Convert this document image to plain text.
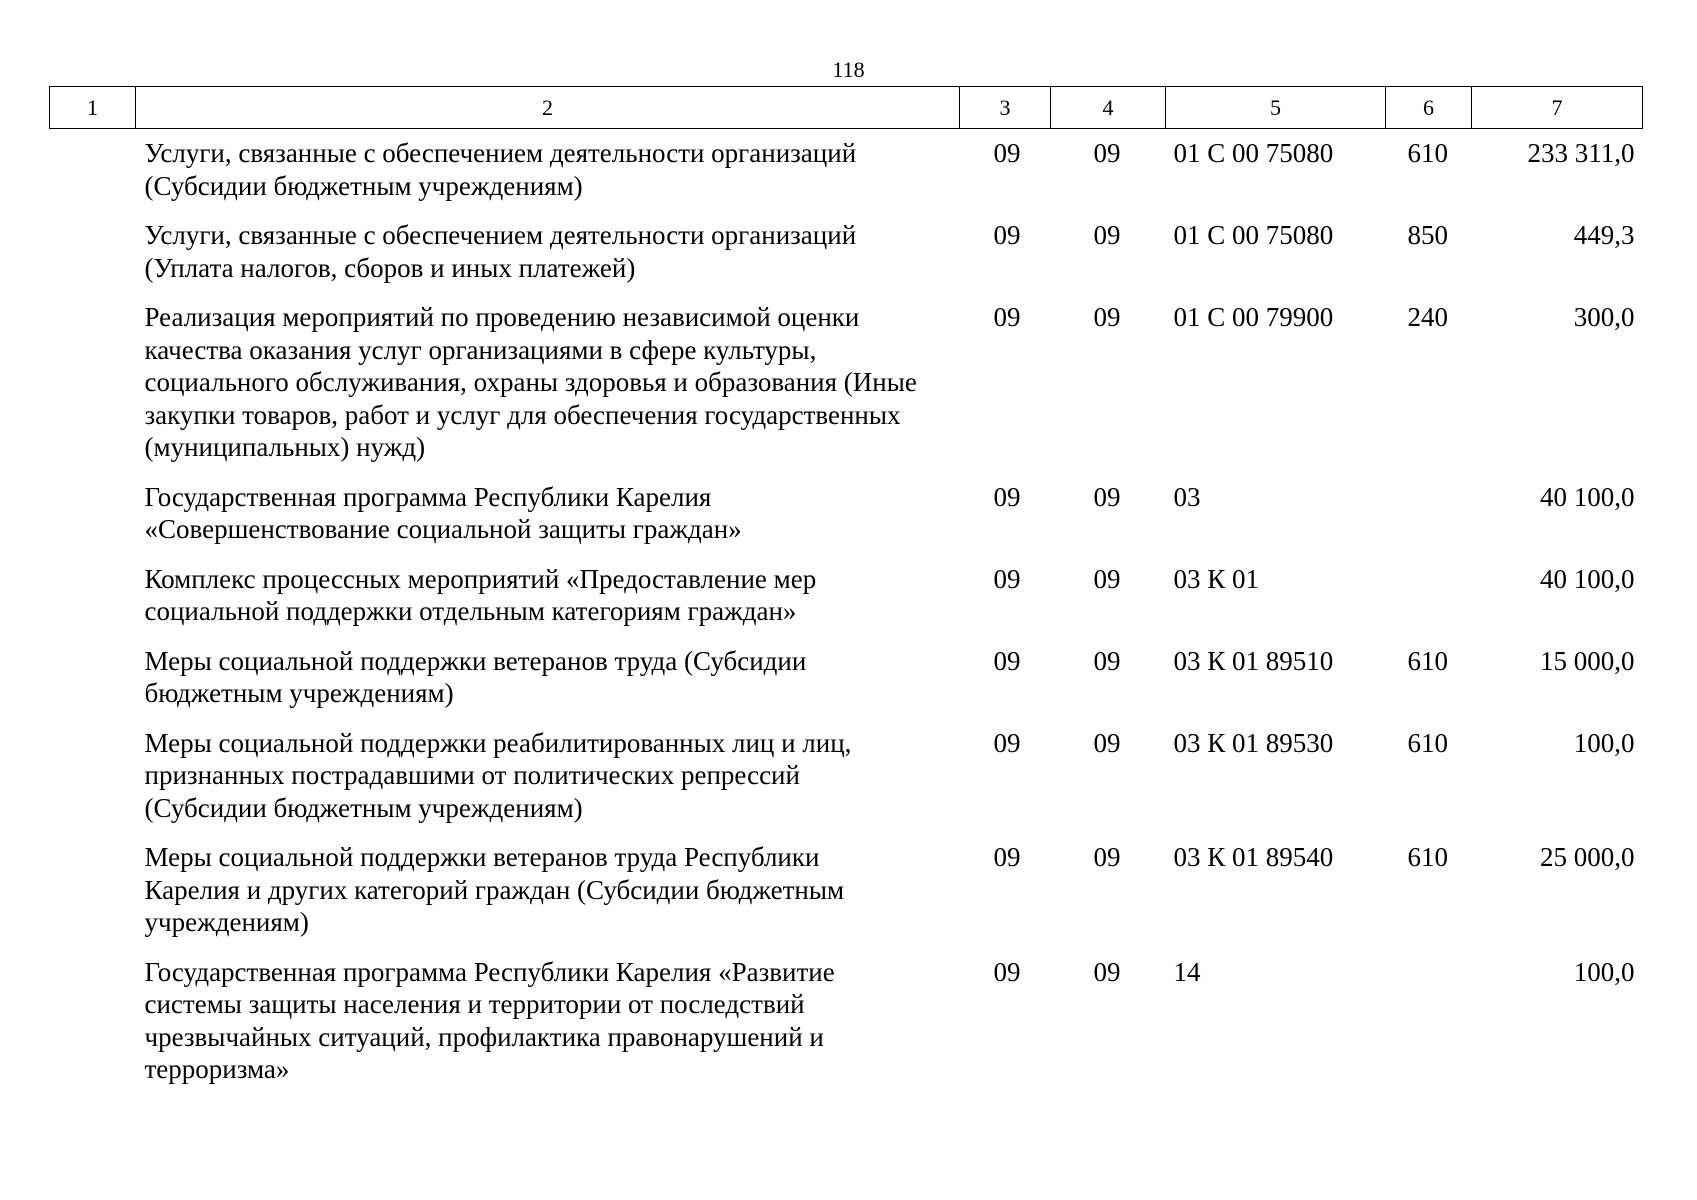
118
1	2	3	4	5	6	7
	Услуги, связанные с обеспечением деятельности организаций (Субсидии бюджетным учреждениям)	09	09	01 С 00 75080	610	233 311,0
	Услуги, связанные с обеспечением деятельности организаций (Уплата налогов, сборов и иных платежей)	09	09	01 С 00 75080	850	449,3
	Реализация мероприятий по проведению независимой оценки качества оказания услуг организациями в сфере культуры, социального обслуживания, охраны здоровья и образования (Иные закупки товаров, работ и услуг для обеспечения государственных (муниципальных) нужд)	09	09	01 С 00 79900	240	300,0
	Государственная программа Республики Карелия «Совершенствование социальной защиты граждан»	09	09	03		40 100,0
	Комплекс процессных мероприятий «Предоставление мер социальной поддержки отдельным категориям граждан»	09	09	03 К 01		40 100,0
	Меры социальной поддержки ветеранов труда (Субсидии бюджетным учреждениям)	09	09	03 К 01 89510	610	15 000,0
	Меры социальной поддержки реабилитированных лиц и лиц, признанных пострадавшими от политических репрессий (Субсидии бюджетным учреждениям)	09	09	03 К 01 89530	610	100,0
	Меры социальной поддержки ветеранов труда Республики Карелия и других категорий граждан (Субсидии бюджетным учреждениям)	09	09	03 К 01 89540	610	25 000,0
	Государственная программа Республики Карелия «Развитие системы защиты населения и территории от последствий чрезвычайных ситуаций, профилактика правонарушений и терроризма»	09	09	14		100,0
